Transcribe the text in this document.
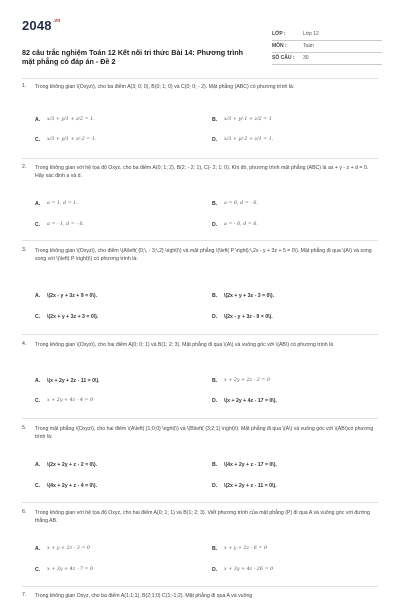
$2048^{.vn}$
82 câu trắc nghiệm Toán 12 Kết nối tri thức Bài 14: Phương trình mặt phẳng có đáp án - Đề 2
LỚP :	Lớp 12
MÔN :	Toán
SỐ CÂU : 30
1. Trong không gian \(Oxyz\), cho ba điểm A(3; 0; 0), B(0; 1; 0) và C(0; 0; - 2). Mặt phẳng (ABC) có phương trình là:
A. x/3 + y/1 + z/2 = 1.	B. x/3 + y/-1 + z/2 = 1
C. x/3 + y/1 + z/-2 = 1.	D. x/3 + y/-2 + z/1 = 1.
2. Trong không gian với hệ tọa độ Oxyz, cho ba điểm A(0; 1; 2), B(2; - 2; 1), C(- 2; 1; 0). Khi đó, phương trình mặt phẳng (ABC) là ax + y - z + d = 0. Hãy xác định a và d.
A. a = 1, d = 1.	B. a = 6, d = - 6.
C. a = - 1, d = - 6.	D. a = - 6, d = 6.
3. Trong không gian \(Oxyz\), cho điểm \(A\left( {0;\, - 3;\,2} \right)\) và mặt phẳng \(\left( P \right):\,2x - y + 3z + 5 = 0\). Mặt phẳng đi qua \(A\) và song song với \(\left( P \right)\) có phương trình là:
A. \(2x - y + 3z + 9 = 0\).	B. \(2x + y + 3z - 3 = 0\).
C. \(2x + y + 3z + 3 = 0\).	D. \(2x - y + 3z - 9 = 0\).
4. Trong không gian \(Oxyz\), cho hai điểm A(0; 0; 1) và B(1; 2; 3). Mặt phẳng đi qua \(A\) và vuông góc với \(AB\) có phương trình là
A. \(x + 2y + 2z - 11 = 0\).	B. x + 2y + 2z - 2 = 0
C. x + 2y + 4z - 4 = 0	D. \(x + 2y + 4z - 17 = 0\).
5. Trong mặt phẳng \(Oxyz\), cho hai điểm \(A\left( {1;0;0} \right)\) và \(B\left( {3;2;1} \right)\). Mặt phẳng đi qua \(A\) và vuông góc với \(AB\)có phương trình là:
A. \(2x + 2y + z - 2 = 0\).	B. \(4x + 2y + z - 17 = 0\).
C. \(4x + 2y + z - 4 = 0\).	D. \(2x + 2y + z - 11 = 0\).
6. Trong không gian với hệ tọa độ Oxyz, cho hai điểm A(0; 1; 1) và B(1; 2; 3). Viết phương trình của mặt phẳng (P) đi qua A và vuông góc với đường thẳng AB.
A. x + y + 2z - 3 = 0	B. x + y + 2z - 6 = 0
C. x + 3y + 4z - 7 = 0	D. x + 3y + 4z - 26 = 0
7. Trong không gian Oxyz, cho ba điểm A(1;1;1), B(2;1;0) C(1;-1;2). Mặt phẳng đi qua A và vuông
